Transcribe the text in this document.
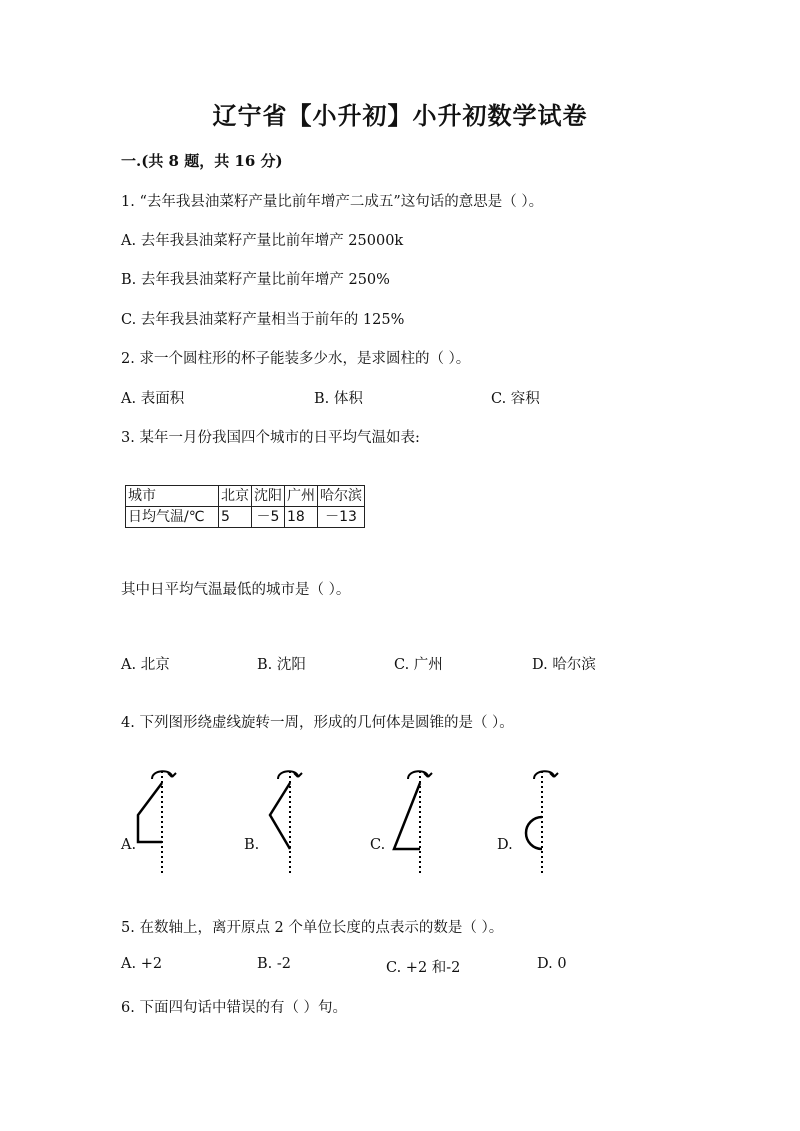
辽宁省【小升初】小升初数学试卷
一.(共 8 题，共 16 分)
1. “去年我县油菜籽产量比前年增产二成五”这句话的意思是（ ）。
A. 去年我县油菜籽产量比前年增产 25000k
B. 去年我县油菜籽产量比前年增产 250%
C. 去年我县油菜籽产量相当于前年的 125%
2. 求一个圆柱形的杯子能装多少水，是求圆柱的（ ）。
A. 表面积	B. 体积	C. 容积
3. 某年一月份我国四个城市的日平均气温如表:
城市	北京	沈阳	广州	哈尔滨
日均气温/℃	5	－5	18	－13
其中日平均气温最低的城市是（ ）。
A. 北京	B. 沈阳	C. 广州	D. 哈尔滨
4. 下列图形绕虚线旋转一周，形成的几何体是圆锥的是（ ）。
A.	B.	C.	D.
5. 在数轴上，离开原点 2 个单位长度的点表示的数是（ ）。
A. +2	B. -2	C. +2 和-2	D. 0
6. 下面四句话中错误的有（ ）句。
